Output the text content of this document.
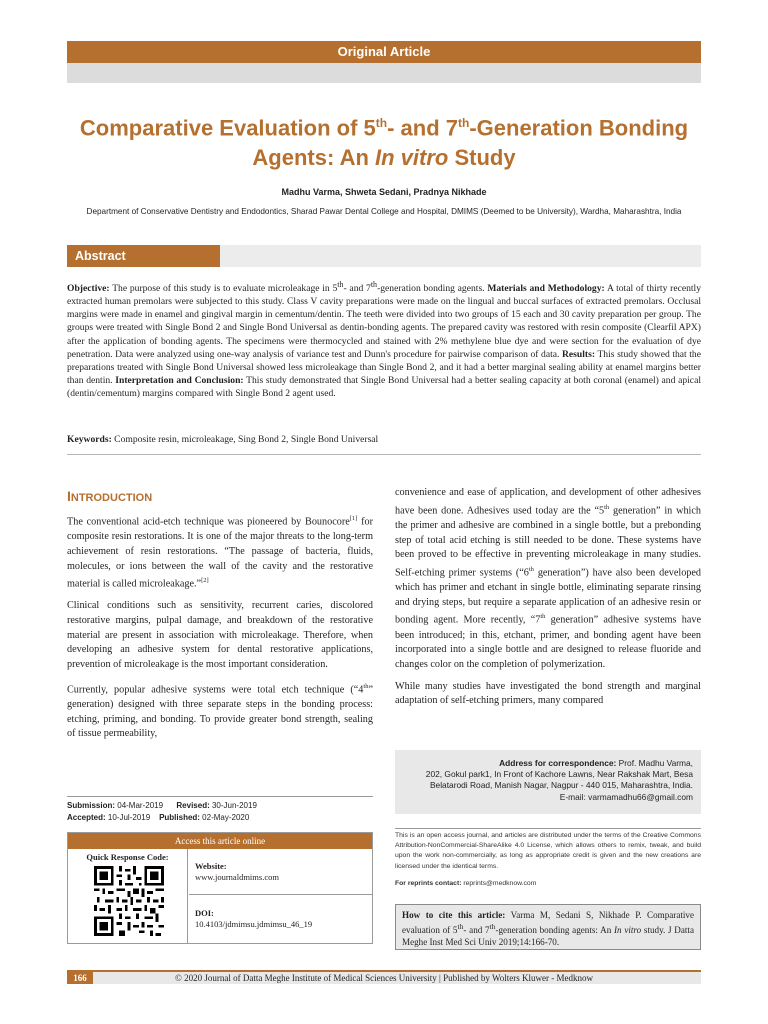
Original Article
Comparative Evaluation of 5th- and 7th-Generation Bonding
Agents: An In vitro Study
Madhu Varma, Shweta Sedani, Pradnya Nikhade
Department of Conservative Dentistry and Endodontics, Sharad Pawar Dental College and Hospital, DMIMS (Deemed to be University), Wardha, Maharashtra, India
Abstract
Objective: The purpose of this study is to evaluate microleakage in 5th- and 7th-generation bonding agents. Materials and Methodology: A total of thirty recently extracted human premolars were subjected to this study. Class V cavity preparations were made on the lingual and buccal surfaces of extracted premolars. Occlusal margins were made in enamel and gingival margin in cementum/dentin. The teeth were divided into two groups of 15 each and 30 cavity preparation per group. The groups were treated with Single Bond 2 and Single Bond Universal as dentin-bonding agents. The prepared cavity was restored with resin composite (Clearfil APX) after the application of bonding agents. The specimens were thermocycled and stained with 2% methylene blue dye and were section for the evaluation of dye penetration. Data were analyzed using one-way analysis of variance test and Dunn's procedure for pairwise comparison of data. Results: This study showed that the preparations treated with Single Bond Universal showed less microleakage than Single Bond 2, and it had a better marginal sealing ability at enamel margins better than dentin. Interpretation and Conclusion: This study demonstrated that Single Bond Universal had a better sealing capacity at both coronal (enamel) and apical (dentin/cementum) margins compared with Single Bond 2 agent used.
Keywords: Composite resin, microleakage, Sing Bond 2, Single Bond Universal
INTRODUCTION

The conventional acid-etch technique was pioneered by Bounocore[1] for composite resin restorations. It is one of the major threats to the long-term achievement of resin restorations. “The passage of bacteria, fluids, molecules, or ions between the wall of the cavity and the restorative material is called microleakage.”[2]

Clinical conditions such as sensitivity, recurrent caries, discolored restorative margins, pulpal damage, and breakdown of the restorative material are present in association with microleakage. Therefore, when developing an adhesive system for dental restorative applications, prevention of microleakage is the most important consideration.

Currently, popular adhesive systems were total etch technique (“4th” generation) designed with three separate steps in the bonding process: etching, priming, and bonding. To provide greater bond strength, sealing of tissue permeability,

convenience and ease of application, and development of other adhesives have been done. Adhesives used today are the “5th generation” in which the primer and adhesive are combined in a single bottle, but a prebonding step of total acid etching is still needed to be done. These systems have been proved to be effective in preventing microleakage in many studies. Self-etching primer systems (“6th generation”) have also been developed which has primer and etchant in single bottle, eliminating separate rinsing and drying steps, but require a separate application of an adhesive resin or bonding agent. More recently, “7th generation” adhesive systems have been introduced; in this, etchant, primer, and bonding agent have been incorporated into a single bottle and are designed to release fluoride and changes color on the completion of polymerization.

While many studies have investigated the bond strength and marginal adaptation of self-etching primers, many compared

Submission: 04-Mar-2019 Revised: 30-Jun-2019
Accepted: 10-Jul-2019 Published: 02-May-2020
Access this article online
Quick Response Code:
Website:
www.journaldmims.com
DOI:
10.4103/jdmimsu.jdmimsu_46_19
Address for correspondence: Prof. Madhu Varma,
202, Gokul park1, In Front of Kachore Lawns, Near Rakshak Mart, Besa
Belatarodi Road, Manish Nagar, Nagpur - 440 015, Maharashtra, India.
E-mail: varmamadhu66@gmail.com
This is an open access journal, and articles are distributed under the terms of the Creative Commons Attribution-NonCommercial-ShareAlike 4.0 License, which allows others to remix, tweak, and build upon the work non-commercially, as long as appropriate credit is given and the new creations are licensed under the identical terms.
For reprints contact: reprints@medknow.com
How to cite this article: Varma M, Sedani S, Nikhade P. Comparative evaluation of 5th- and 7th-generation bonding agents: An In vitro study. J Datta Meghe Inst Med Sci Univ 2019;14:166-70.
166	© 2020 Journal of Datta Meghe Institute of Medical Sciences University | Published by Wolters Kluwer - Medknow
